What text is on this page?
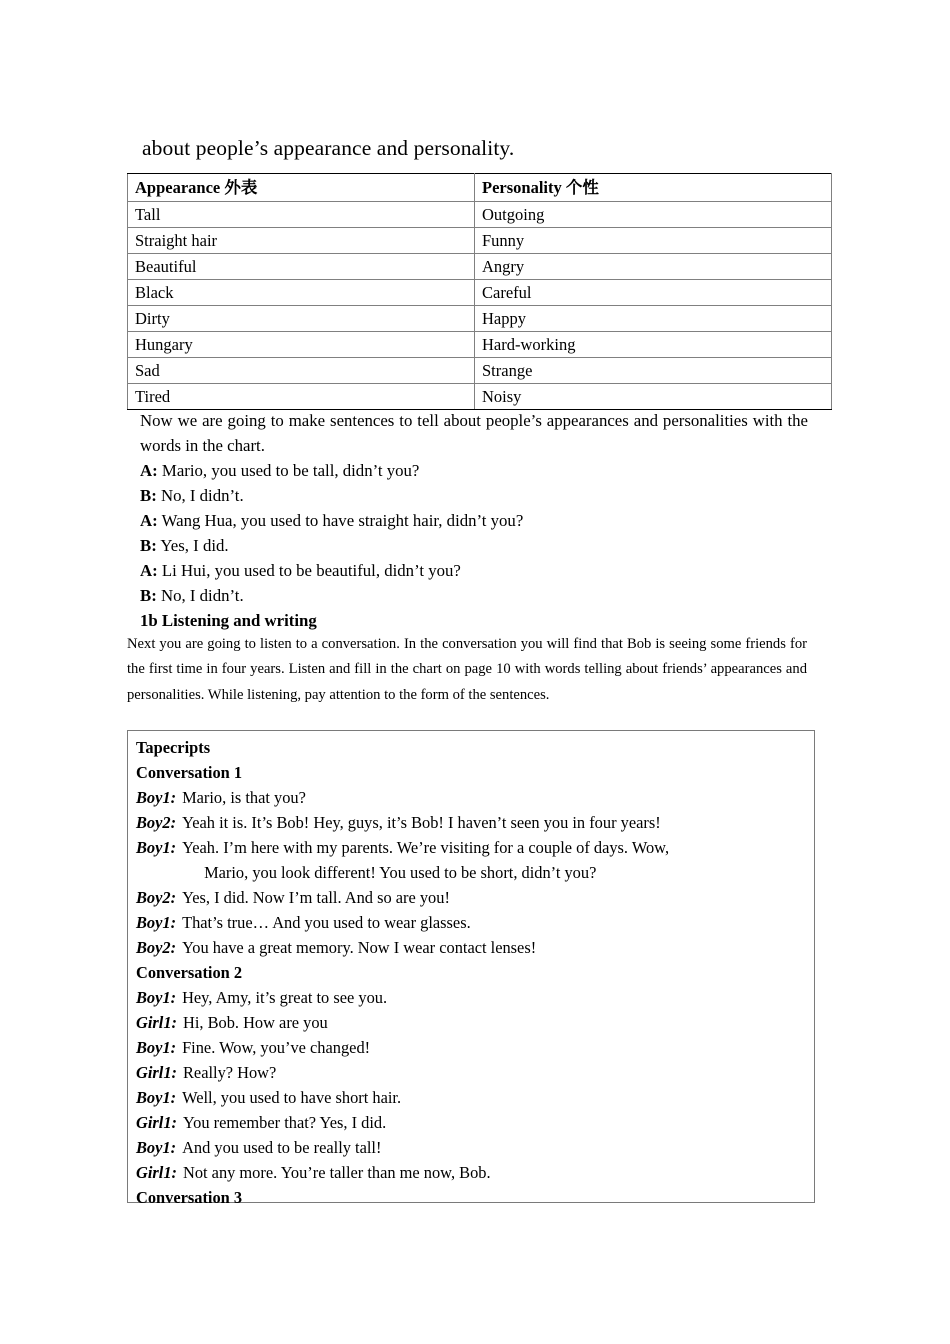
about people’s appearance and personality.
Appearance 外表	Personality 个性
Tall	Outgoing
Straight hair	Funny
Beautiful	Angry
Black	Careful
Dirty	Happy
Hungary	Hard-working
Sad	Strange
Tired	Noisy

Now we are going to make sentences to tell about people’s appearances and personalities with the words in the chart.

A: Mario, you used to be tall, didn’t you?

B: No, I didn’t.

A: Wang Hua, you used to have straight hair, didn’t you?

B: Yes, I did.

A: Li Hui, you used to be beautiful, didn’t you?

B: No, I didn’t.

1b Listening and writing

Next you are going to listen to a conversation. In the conversation you will find that Bob is seeing some friends for the first time in four years. Listen and fill in the chart on page 10 with words telling about friends’ appearances and personalities. While listening, pay attention to the form of the sentences.

Tapecripts

Conversation 1

Boy1: Mario, is that you?

Boy2: Yeah it is. It’s Bob! Hey, guys, it’s Bob! I haven’t seen you in four years!

Boy1: Yeah. I’m here with my parents. We’re visiting for a couple of days. Wow,
Mario, you look different! You used to be short, didn’t you?

Boy2: Yes, I did. Now I’m tall. And so are you!

Boy1: That’s true… And you used to wear glasses.

Boy2: You have a great memory. Now I wear contact lenses!

Conversation 2

Boy1: Hey, Amy, it’s great to see you.

Girl1: Hi, Bob. How are you

Boy1: Fine. Wow, you’ve changed!

Girl1: Really? How?

Boy1: Well, you used to have short hair.

Girl1: You remember that? Yes, I did.

Boy1: And you used to be really tall!

Girl1: Not any more. You’re taller than me now, Bob.

Conversation 3
